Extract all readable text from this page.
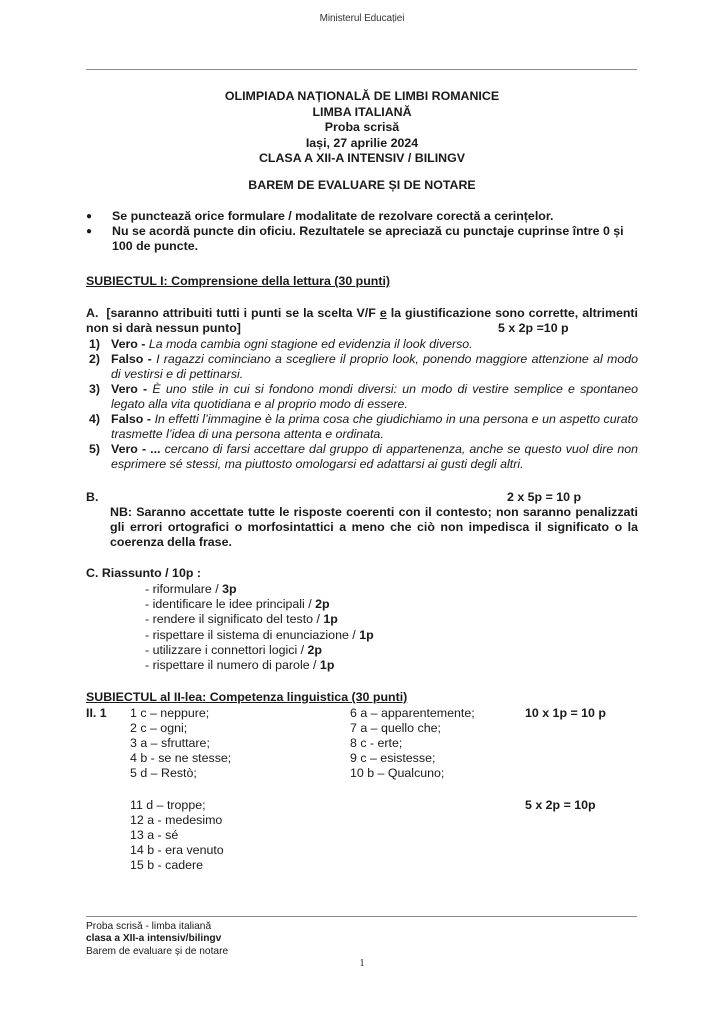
Ministerul Educației
OLIMPIADA NAȚIONALĂ DE LIMBI ROMANICE
LIMBA ITALIANĂ
Proba scrisă
Iași, 27 aprilie 2024
CLASA A XII-A INTENSIV / BILINGV
BAREM DE EVALUARE ȘI DE NOTARE
● Se punctează orice formulare / modalitate de rezolvare corectă a cerințelor.
● Nu se acordă puncte din oficiu. Rezultatele se apreciază cu punctaje cuprinse între 0 și 100 de puncte.
SUBIECTUL I: Comprensione della lettura (30 punti)
A. [saranno attribuiti tutti i punti se la scelta V/F e la giustificazione sono corrette, altrimenti non si darà nessun punto]	5 x 2p =10 p
1) Vero - La moda cambia ogni stagione ed evidenzia il look diverso.
2) Falso - I ragazzi cominciano a scegliere il proprio look, ponendo maggiore attenzione al modo di vestirsi e di pettinarsi.
3) Vero - È uno stile in cui si fondono mondi diversi: un modo di vestire semplice e spontaneo legato alla vita quotidiana e al proprio modo di essere.
4) Falso - In effetti l’immagine è la prima cosa che giudichiamo in una persona e un aspetto curato trasmette l’idea di una persona attenta e ordinata.
5) Vero - ... cercano di farsi accettare dal gruppo di appartenenza, anche se questo vuol dire non esprimere sé stessi, ma piuttosto omologarsi ed adattarsi ai gusti degli altri.
B.	2 x 5p = 10 p
NB: Saranno accettate tutte le risposte coerenti con il contesto; non saranno penalizzati gli errori ortografici o morfosintattici a meno che ciò non impedisca il significato o la coerenza della frase.
C. Riassunto / 10p :
- riformulare / 3p
- identificare le idee principali / 2p
- rendere il significato del testo / 1p
- rispettare il sistema di enunciazione / 1p
- utilizzare i connettori logici / 2p
- rispettare il numero di parole / 1p
SUBIECTUL al II-lea: Competenza linguistica (30 punti)
II. 1 1 c – neppure;
2 c – ogni;
3 a – sfruttare;
4 b - se ne stesse;
5 d – Restò;
6 a – apparentemente;
7 a – quello che;
8 c - erte;
9 c – esistesse;
10 b – Qualcuno;
10 x 1p = 10 p
11 d – troppe;
12 a - medesimo
13 a - sé
14 b - era venuto
15 b - cadere
5 x 2p = 10p
Proba scrisă - limba italiană
clasa a XII-a intensiv/bilingv
Barem de evaluare și de notare
1
